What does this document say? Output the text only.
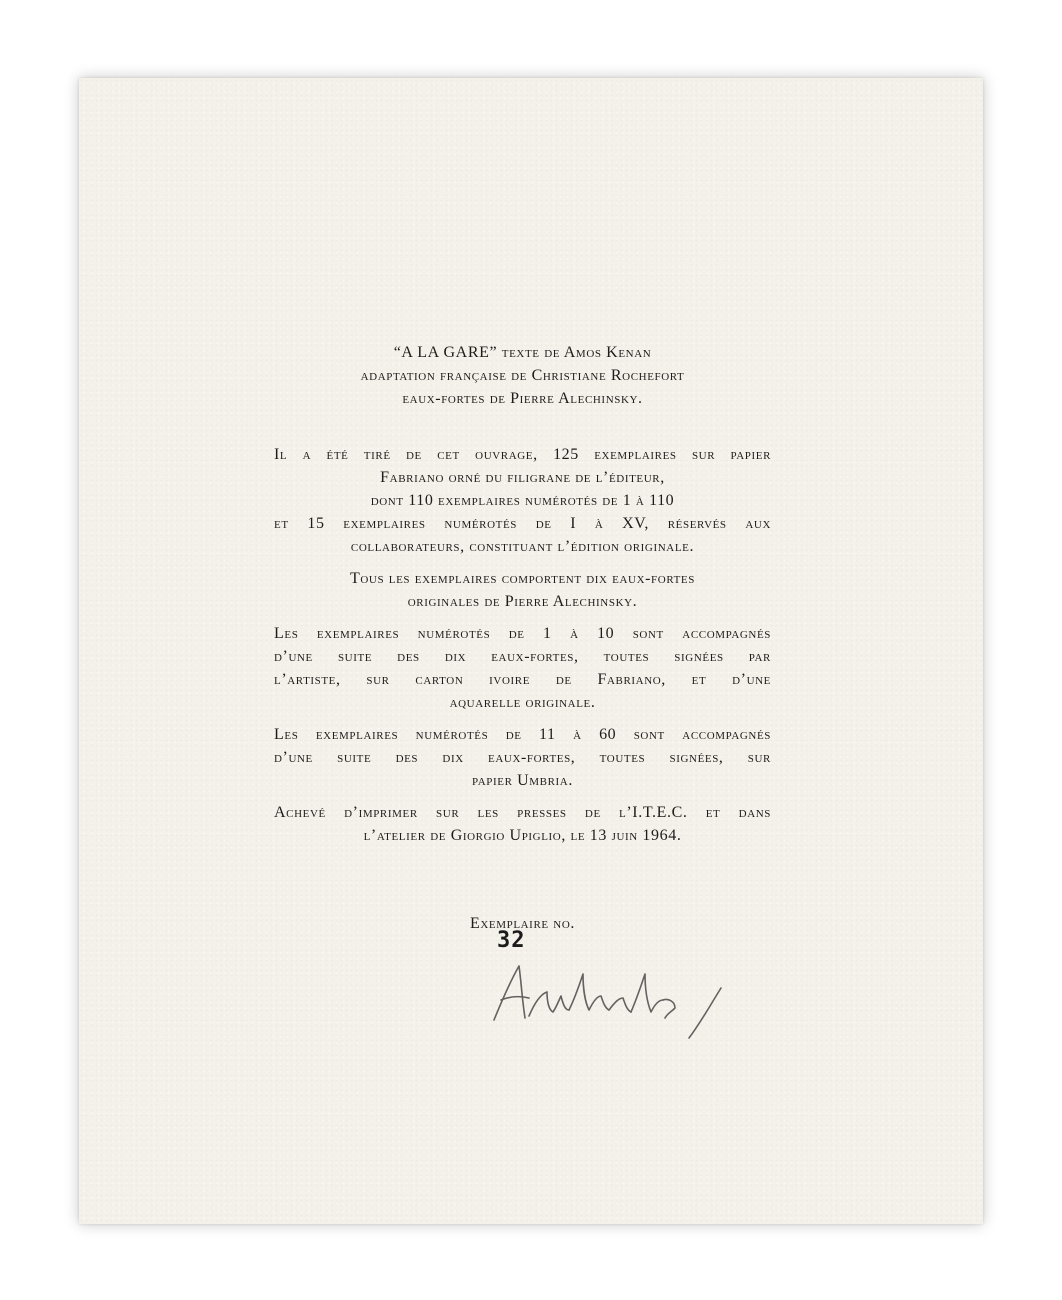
“A LA GARE” texte de Amos Kenan
adaptation française de Christiane Rochefort
eaux-fortes de Pierre Alechinsky.
Il a été tiré de cet ouvrage, 125 exemplaires sur papier
Fabriano orné du filigrane de l’éditeur,
dont 110 exemplaires numérotés de 1 à 110
et 15 exemplaires numérotés de I à XV, réservés aux
collaborateurs, constituant l’édition originale.
Tous les exemplaires comportent dix eaux-fortes
originales de Pierre Alechinsky.
Les exemplaires numérotés de 1 à 10 sont accompagnés
d’une suite des dix eaux-fortes, toutes signées par
l’artiste, sur carton ivoire de Fabriano, et d’une
aquarelle originale.
Les exemplaires numérotés de 11 à 60 sont accompagnés
d’une suite des dix eaux-fortes, toutes signées, sur
papier Umbria.
Achevé d’imprimer sur les presses de l’I.T.E.C. et dans
l’atelier de Giorgio Upiglio, le 13 juin 1964.
Exemplaire no.
32
